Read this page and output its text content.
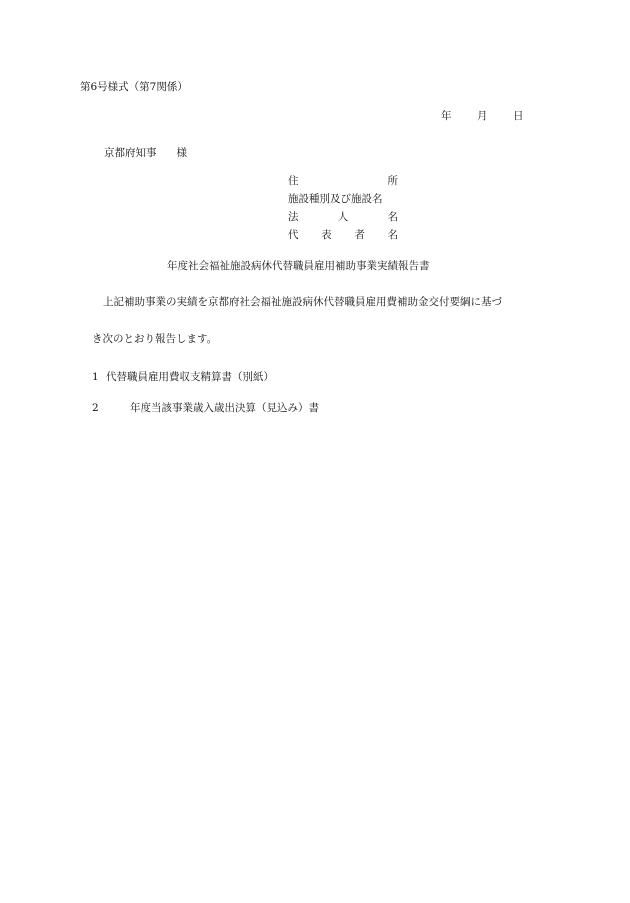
第6号様式（第7関係）
年 月 日
京都府知事 様
住	所
施設種別及び施設名
法	人	名
代 表 者 名
年度社会福祉施設病休代替職員雇用補助事業実績報告書
上記補助事業の実績を京都府社会福祉施設病休代替職員雇用費補助金交付要綱に基づ
き次のとおり報告します。
1 代替職員雇用費収支精算書（別紙）
2	年度当該事業歳入歳出決算（見込み）書
